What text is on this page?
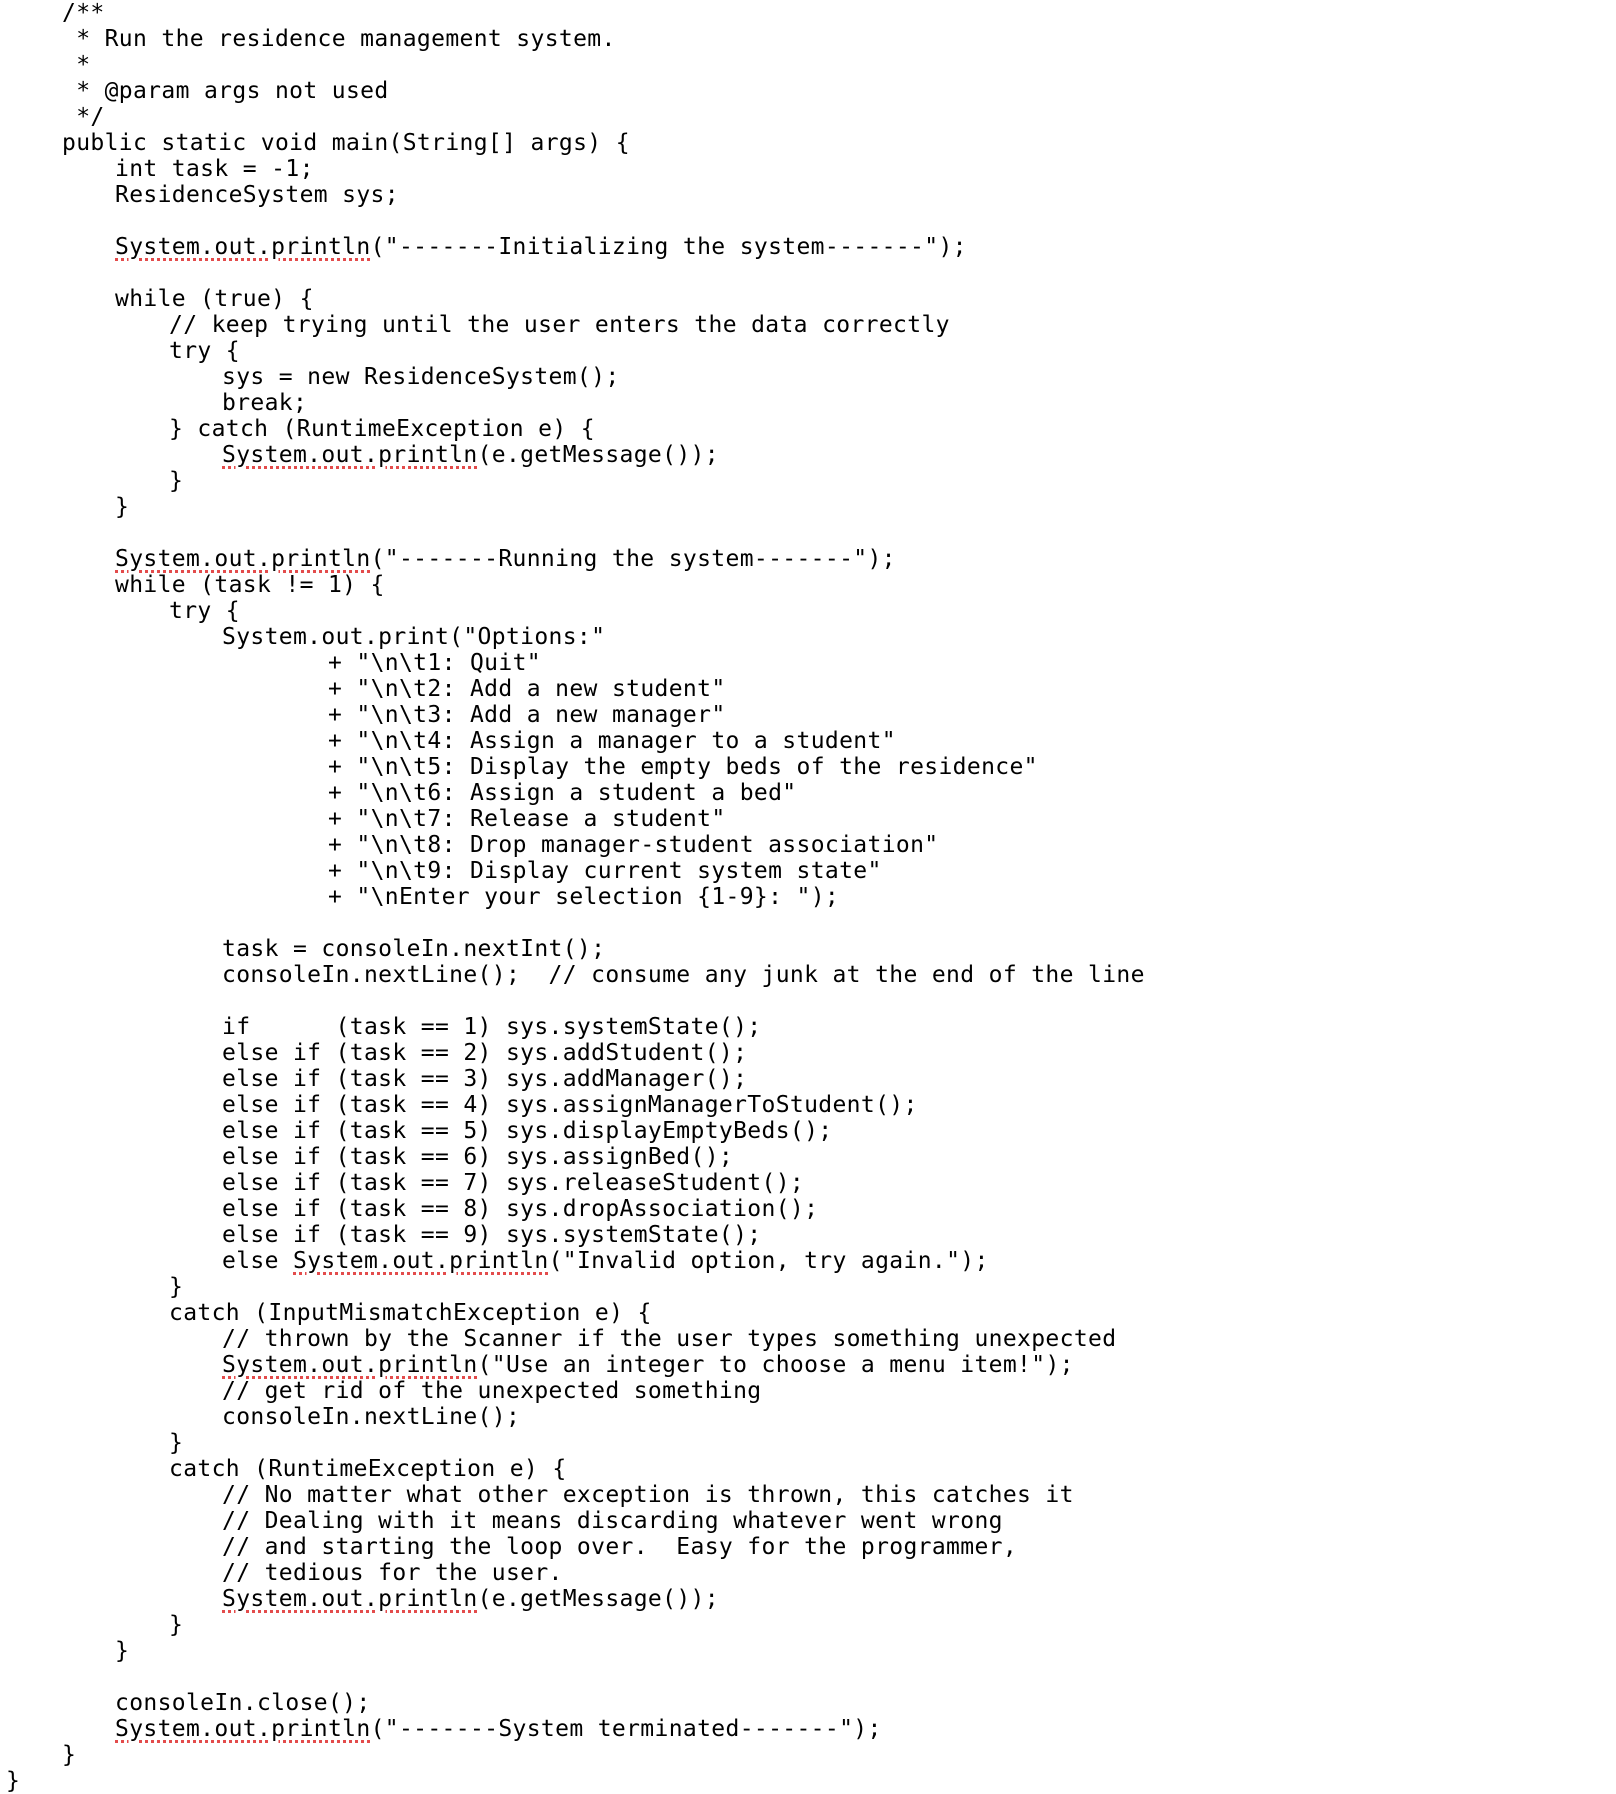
/**
* Run the residence management system.
*
* @param args not used
*/
public static void main(String[] args) {
int task = -1;
ResidenceSystem sys;
System.out.println("-------Initializing the system-------");
while (true) {
// keep trying until the user enters the data correctly
try {
sys = new ResidenceSystem();
break;
} catch (RuntimeException e) {
System.out.println(e.getMessage());
}
}
System.out.println("-------Running the system-------");
while (task != 1) {
try {
System.out.print("Options:"
+ "\n\t1: Quit"
+ "\n\t2: Add a new student"
+ "\n\t3: Add a new manager"
+ "\n\t4: Assign a manager to a student"
+ "\n\t5: Display the empty beds of the residence"
+ "\n\t6: Assign a student a bed"
+ "\n\t7: Release a student"
+ "\n\t8: Drop manager-student association"
+ "\n\t9: Display current system state"
+ "\nEnter your selection {1-9}: ");
task = consoleIn.nextInt();
consoleIn.nextLine();  // consume any junk at the end of the line
if      (task == 1) sys.systemState();
else if (task == 2) sys.addStudent();
else if (task == 3) sys.addManager();
else if (task == 4) sys.assignManagerToStudent();
else if (task == 5) sys.displayEmptyBeds();
else if (task == 6) sys.assignBed();
else if (task == 7) sys.releaseStudent();
else if (task == 8) sys.dropAssociation();
else if (task == 9) sys.systemState();
else System.out.println("Invalid option, try again.");
}
catch (InputMismatchException e) {
// thrown by the Scanner if the user types something unexpected
System.out.println("Use an integer to choose a menu item!");
// get rid of the unexpected something
consoleIn.nextLine();
}
catch (RuntimeException e) {
// No matter what other exception is thrown, this catches it
// Dealing with it means discarding whatever went wrong
// and starting the loop over.  Easy for the programmer,
// tedious for the user.
System.out.println(e.getMessage());
}
}
consoleIn.close();
System.out.println("-------System terminated-------");
}
}
